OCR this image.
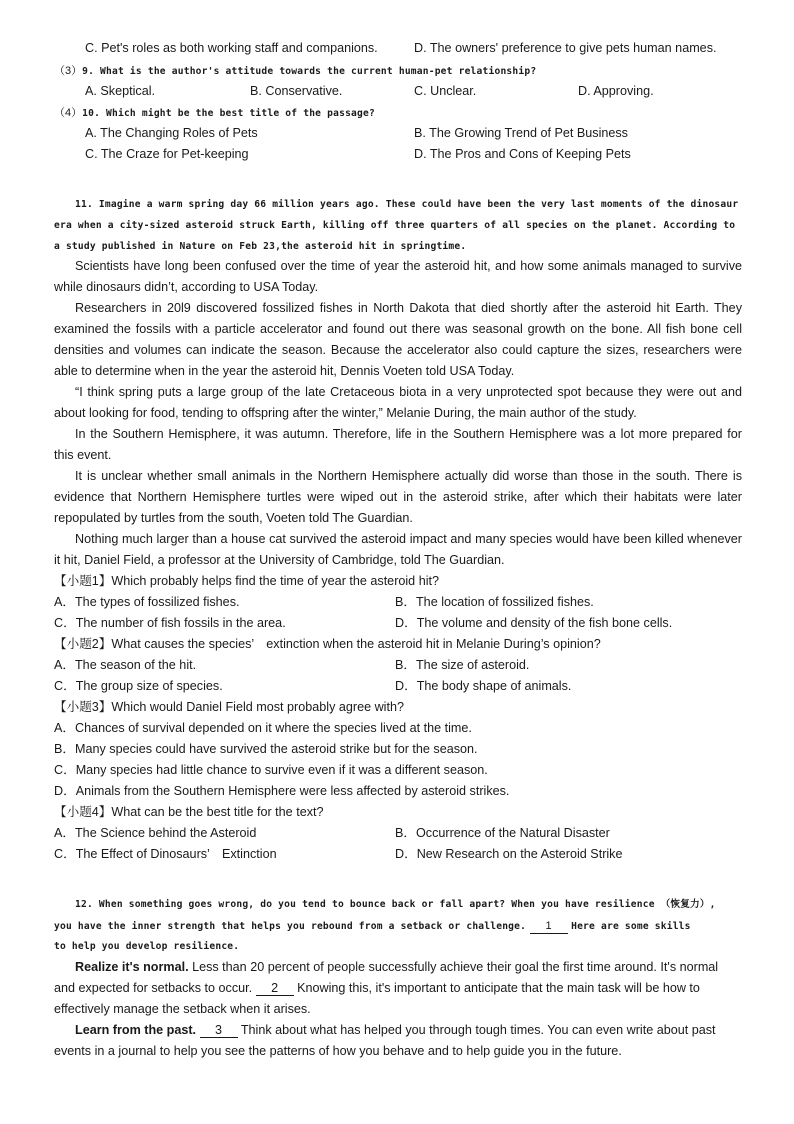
C. Pet's roles as both working staff and companions.	D. The owners' preference to give pets human names.
（3）9. What is the author's attitude towards the current human-pet relationship?
A. Skeptical.	B. Conservative.	C. Unclear.	D. Approving.
（4）10. Which might be the best title of the passage?
A. The Changing Roles of Pets	B. The Growing Trend of Pet Business
C. The Craze for Pet-keeping	D. The Pros and Cons of Keeping Pets
11. Imagine a warm spring day 66 million years ago. These could have been the very last moments of the dinosaur
era when a city-sized asteroid struck Earth, killing off three quarters of all species on the planet. According to
a study published in Nature on Feb 23,the asteroid hit in springtime.

Scientists have long been confused over the time of year the asteroid hit, and how some animals managed to survive while dinosaurs didn’t, according to USA Today.

Researchers in 20l9 discovered fossilized fishes in North Dakota that died shortly after the asteroid hit Earth. They examined the fossils with a particle accelerator and found out there was seasonal growth on the bone. All fish bone cell densities and volumes can indicate the season. Because the accelerator also could capture the sizes, researchers were able to determine when in the year the asteroid hit, Dennis Voeten told USA Today.

“I think spring puts a large group of the late Cretaceous biota in a very unprotected spot because they were out and about looking for food, tending to offspring after the winter,” Melanie During, the main author of the study.

In the Southern Hemisphere, it was autumn. Therefore, life in the Southern Hemisphere was a lot more prepared for this event.

It is unclear whether small animals in the Northern Hemisphere actually did worse than those in the south. There is evidence that Northern Hemisphere turtles were wiped out in the asteroid strike, after which their habitats were later repopulated by turtles from the south, Voeten told The Guardian.

Nothing much larger than a house cat survived the asteroid impact and many species would have been killed whenever it hit, Daniel Field, a professor at the University of Cambridge, told The Guardian.

【小题1】Which probably helps find the time of year the asteroid hit?
A．The types of fossilized fishes.	B．The location of fossilized fishes.
C．The number of fish fossils in the area.	D．The volume and density of the fish bone cells.
【小题2】What causes the species’　extinction when the asteroid hit in Melanie During’s opinion?
A．The season of the hit.	B．The size of asteroid.
C．The group size of species.	D．The body shape of animals.
【小题3】Which would Daniel Field most probably agree with?
A．Chances of survival depended on it where the species lived at the time.
B．Many species could have survived the asteroid strike but for the season.
C．Many species had little chance to survive even if it was a different season.
D．Animals from the Southern Hemisphere were less affected by asteroid strikes.
【小题4】What can be the best title for the text?
A．The Science behind the Asteroid	B．Occurrence of the Natural Disaster
C．The Effect of Dinosaurs’　Extinction	D．New Research on the Asteroid Strike
12. When something goes wrong, do you tend to bounce back or fall apart? When you have resilience （恢复力）,
you have the inner strength that helps you rebound from a setback or challenge. 1 Here are some skills
to help you develop resilience.
Realize it's normal. Less than 20 percent of people successfully achieve their goal the first time around. It's normal
and expected for setbacks to occur. 2 Knowing this, it's important to anticipate that the main task will be how to
effectively manage the setback when it arises.
Learn from the past. 3 Think about what has helped you through tough times. You can even write about past
events in a journal to help you see the patterns of how you behave and to help guide you in the future.
